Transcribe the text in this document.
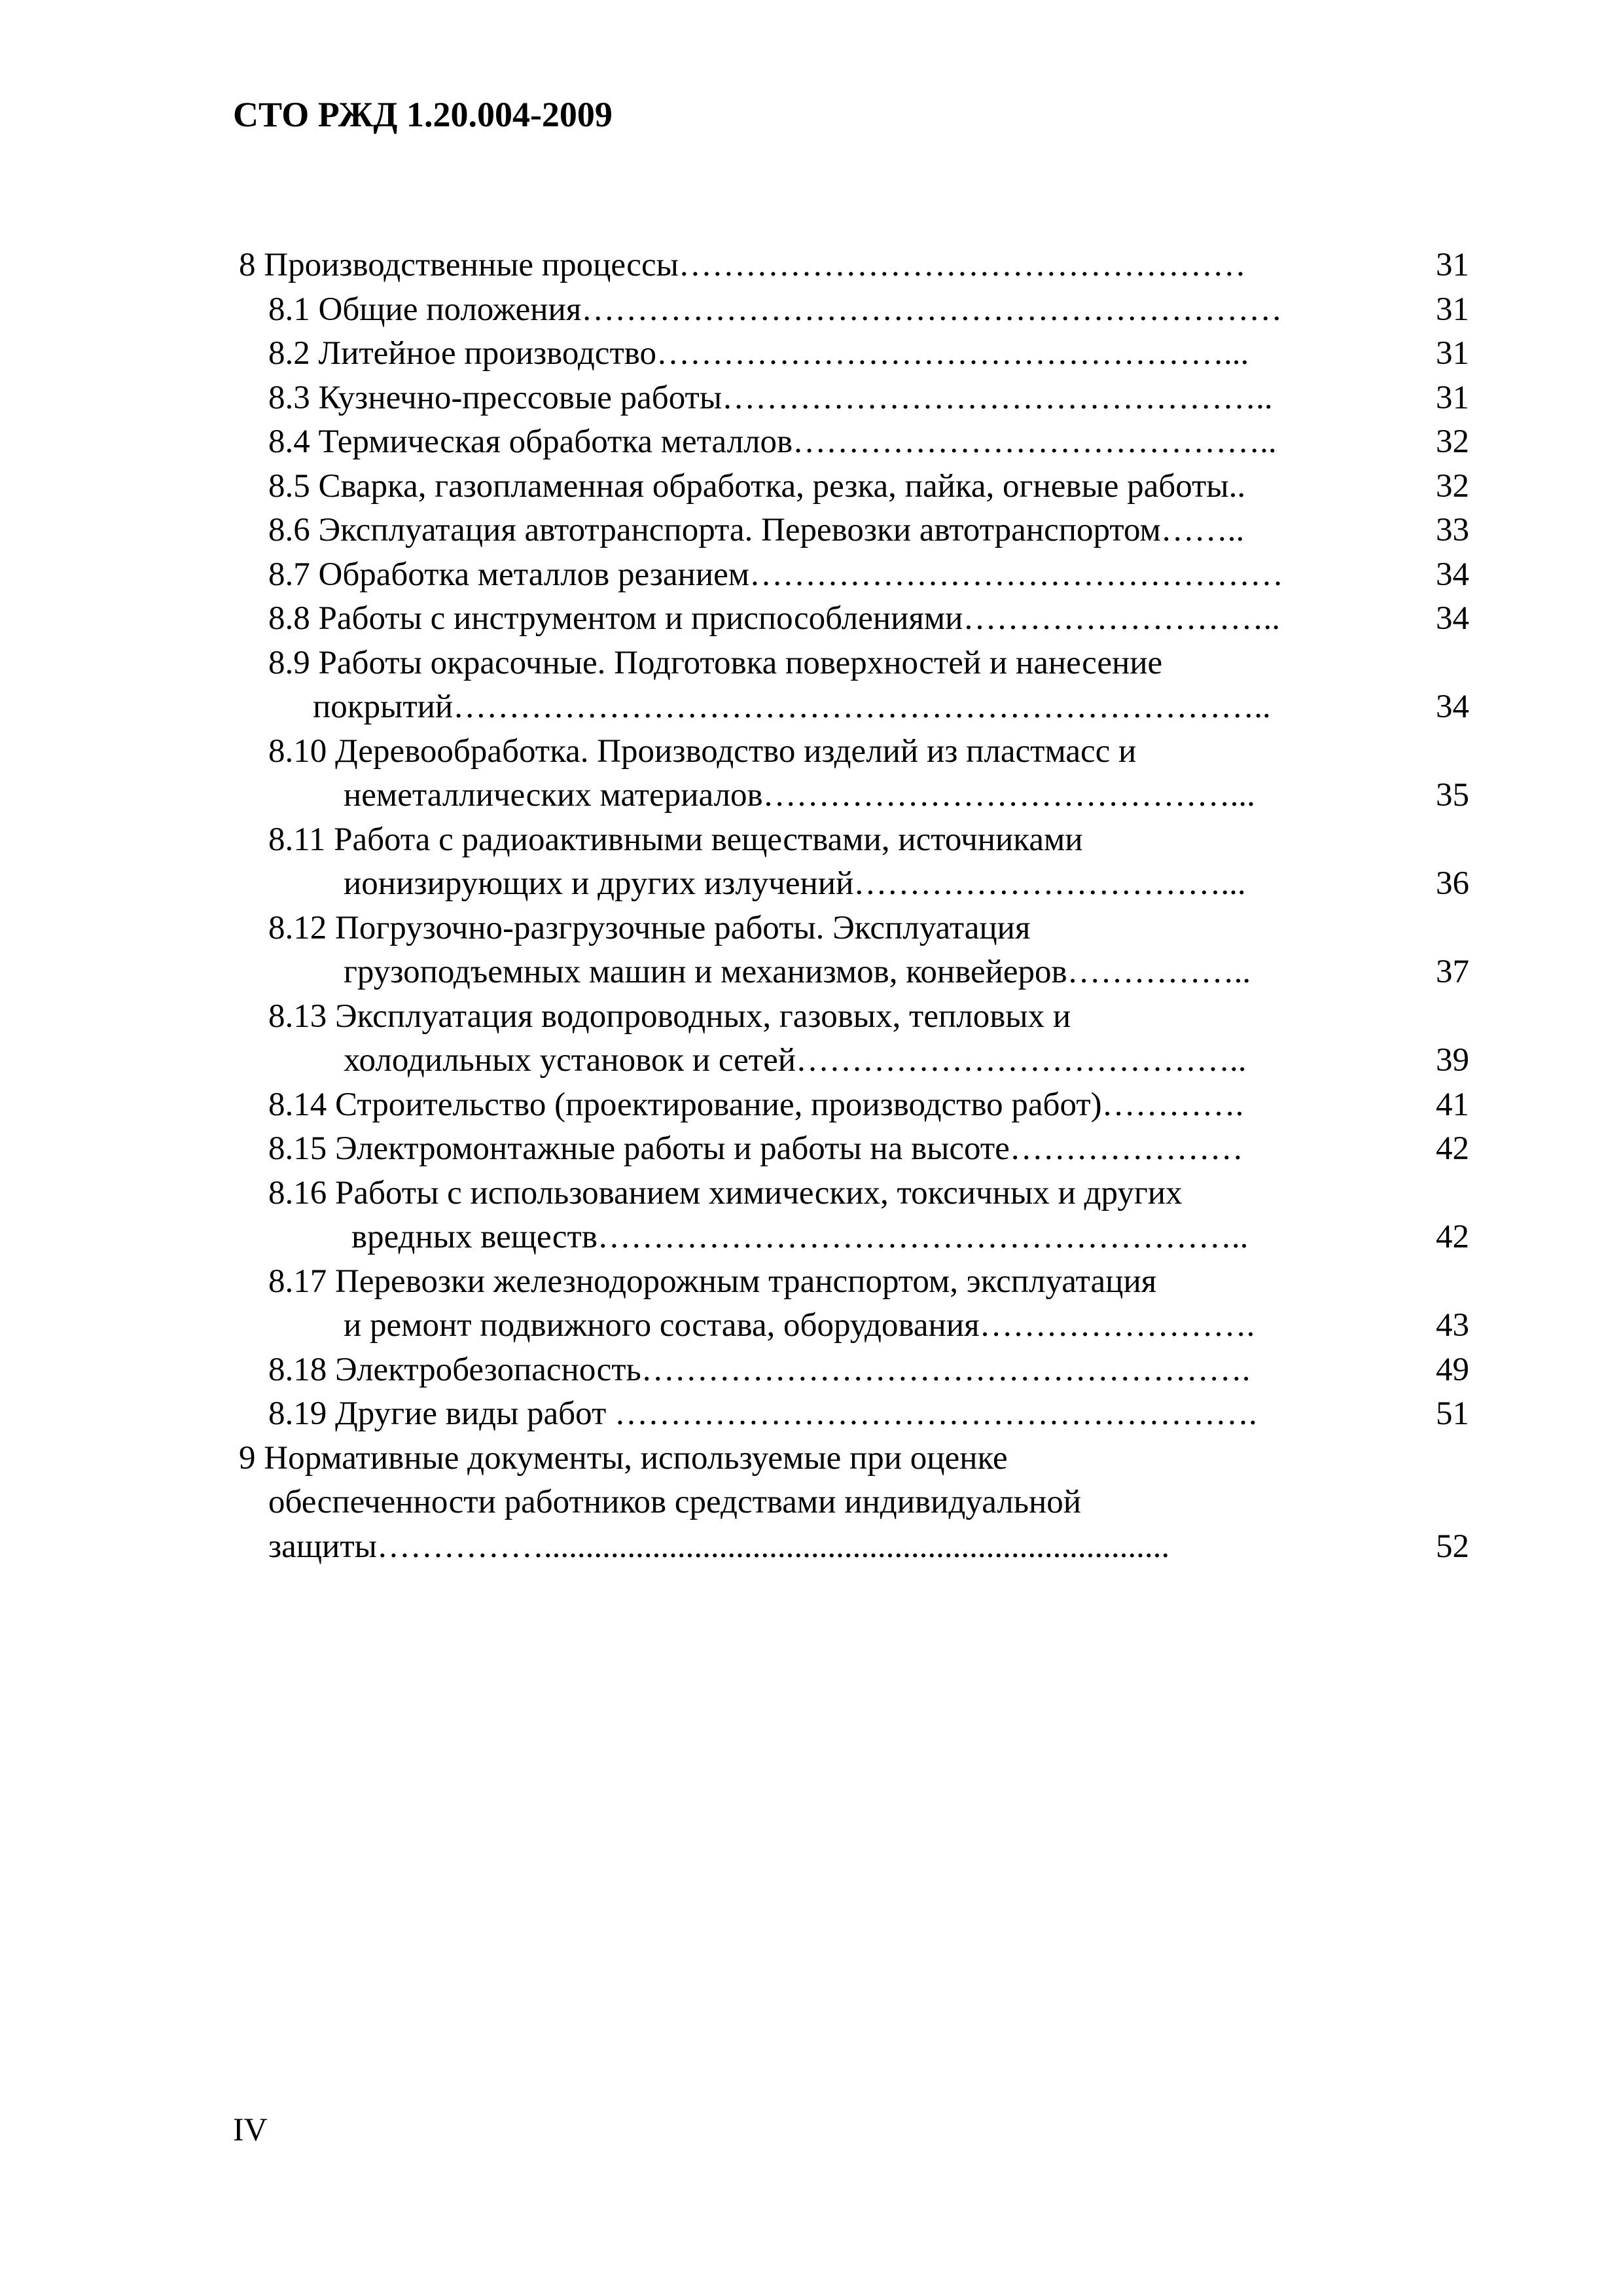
СТО РЖД 1.20.004-2009
8 Производственные процессы……………………………………………	31
8.1 Общие положения………………………………………………………	31
8.2 Литейное производство……………………………………………...	31
8.3 Кузнечно-прессовые работы…………………………………………..	31
8.4 Термическая обработка металлов……………………………………..	32
8.5 Сварка, газопламенная обработка, резка, пайка, огневые работы..	32
8.6 Эксплуатация автотранспорта. Перевозки автотранспортом……..	33
8.7 Обработка металлов резанием…………………………………………	34
8.8 Работы с инструментом и приспособлениями………………………..	34
8.9 Работы окрасочные. Подготовка поверхностей и нанесение
покрытий………………………………………………………………..	34
8.10 Деревообработка. Производство изделий из пластмасс и
неметаллических материалов……………………………………...	35
8.11 Работа с радиоактивными веществами, источниками
ионизирующих и других излучений……………………………...	36
8.12 Погрузочно-разгрузочные работы. Эксплуатация
грузоподъемных машин и механизмов, конвейеров……………..	37
8.13 Эксплуатация водопроводных, газовых, тепловых и
холодильных установок и сетей…………………………………..	39
8.14 Строительство (проектирование, производство работ)………….	41
8.15 Электромонтажные работы и работы на высоте…………………	42
8.16 Работы с использованием химических, токсичных и других
вредных веществ…………………………………………………..	42
8.17 Перевозки железнодорожным транспортом, эксплуатация
и ремонт подвижного состава, оборудования…………………….	43
8.18 Электробезопасность……………………………………………….	49
8.19 Другие виды работ ………………………………………………….	51
9 Нормативные документы, используемые при оценке
обеспеченности работников средствами индивидуальной
защиты……………...........................................................................	52
IV
